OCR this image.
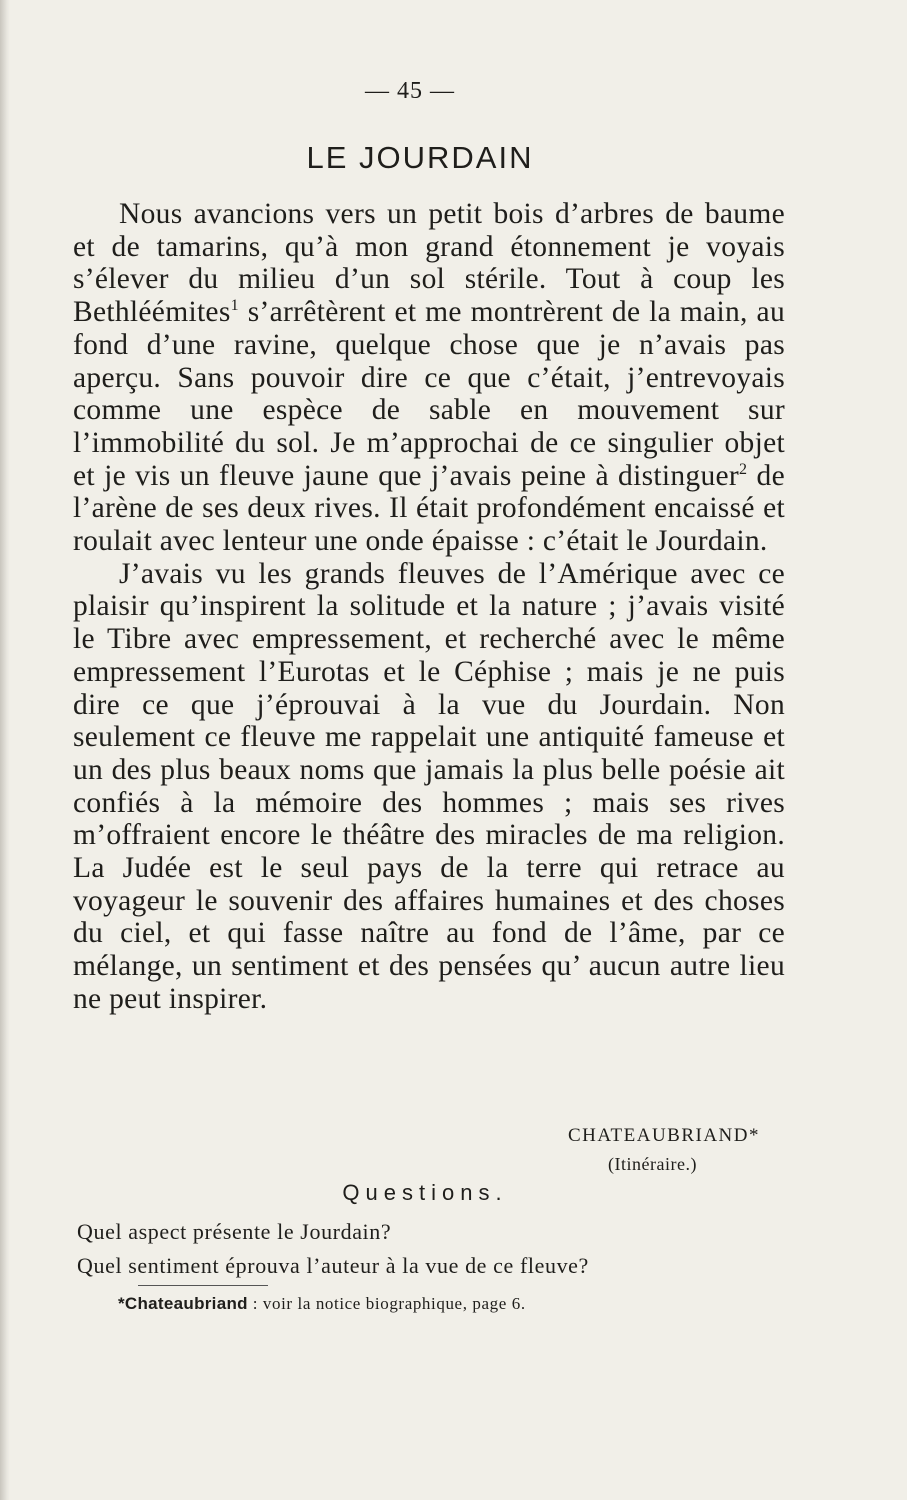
— 45 —
LE JOURDAIN

Nous avancions vers un petit bois d’arbres de baume et de tamarins, qu’à mon grand étonnement je voyais s’élever du milieu d’un sol stérile. Tout à coup les Bethléémites$^1$ s’arrêtèrent et me montrèrent de la main, au fond d’une ravine, quelque chose que je n’avais pas aperçu. Sans pouvoir dire ce que c’était, j’entrevoyais comme une espèce de sable en mouvement sur l’immobilité du sol. Je m’approchai de ce singulier objet et je vis un fleuve jaune que j’avais peine à distinguer$^2$ de l’arène de ses deux rives. Il était profondément encaissé et roulait avec lenteur une onde épaisse : c’était le Jourdain.

J’avais vu les grands fleuves de l’Amérique avec ce plaisir qu’inspirent la solitude et la nature ; j’avais visité le Tibre avec empressement, et recherché avec le même empressement l’Eurotas et le Céphise ; mais je ne puis dire ce que j’éprouvai à la vue du Jourdain. Non seulement ce fleuve me rappelait une antiquité fameuse et un des plus beaux noms que jamais la plus belle poésie ait confiés à la mémoire des hommes ; mais ses rives m’offraient encore le théâtre des miracles de ma religion. La Judée est le seul pays de la terre qui retrace au voyageur le souvenir des affaires humaines et des choses du ciel, et qui fasse naître au fond de l’âme, par ce mélange, un sentiment et des pensées qu’ aucun autre lieu ne peut inspirer.

CHATEAUBRIAND*
(Itinéraire.)
Questions.
Quel aspect présente le Jourdain?
Quel sentiment éprouva l’auteur à la vue de ce fleuve?
*Chateaubriand : voir la notice biographique, page 6.
